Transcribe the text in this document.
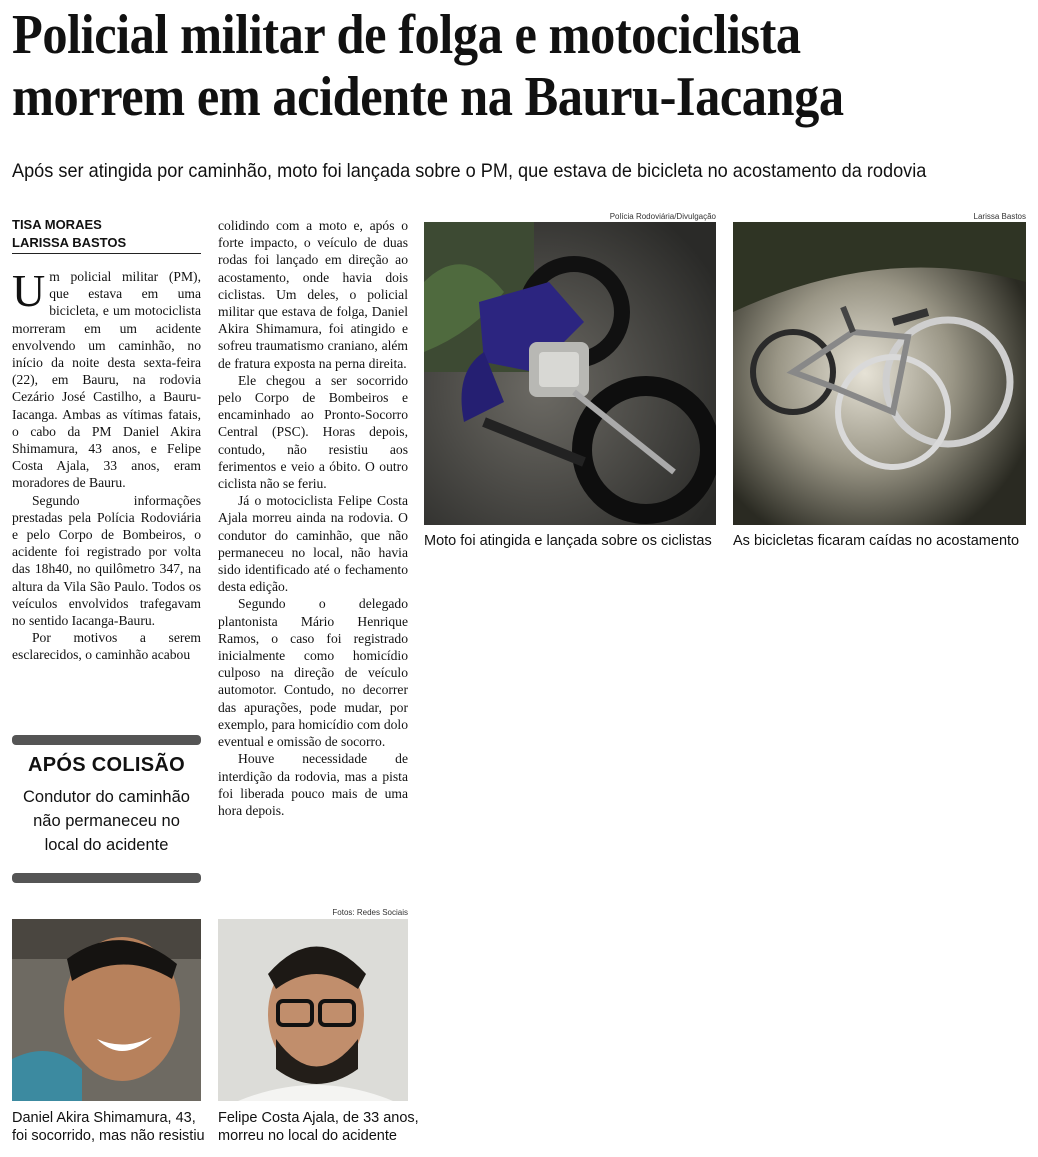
Policial militar de folga e motociclista
morrem em acidente na Bauru-Iacanga
Após ser atingida por caminhão, moto foi lançada sobre o PM, que estava de bicicleta no acostamento da rodovia
TISA MORAES
LARISSA BASTOS

Um policial militar (PM), que estava em uma bicicleta, e um motociclista morreram em um acidente envolvendo um caminhão, no início da noite desta sexta-feira (22), em Bauru, na rodovia Cezário José Castilho, a Bauru-Iacanga. Ambas as vítimas fatais, o cabo da PM Daniel Akira Shimamura, 43 anos, e Felipe Costa Ajala, 33 anos, eram moradores de Bauru.

Segundo informações prestadas pela Polícia Rodoviária e pelo Corpo de Bombeiros, o acidente foi registrado por volta das 18h40, no quilômetro 347, na altura da Vila São Paulo. Todos os veículos envolvidos trafegavam no sentido Iacanga-Bauru.

Por motivos a serem esclarecidos, o caminhão acabou

APÓS COLISÃO

Condutor do caminhão

não permaneceu no

local do acidente

colidindo com a moto e, após o forte impacto, o veículo de duas rodas foi lançado em direção ao acostamento, onde havia dois ciclistas. Um deles, o policial militar que estava de folga, Daniel Akira Shimamura, foi atingido e sofreu traumatismo craniano, além de fratura exposta na perna direita.

Ele chegou a ser socorrido pelo Corpo de Bombeiros e encaminhado ao Pronto-Socorro Central (PSC). Horas depois, contudo, não resistiu aos ferimentos e veio a óbito. O outro ciclista não se feriu.

Já o motociclista Felipe Costa Ajala morreu ainda na rodovia. O condutor do caminhão, que não permaneceu no local, não havia sido identificado até o fechamento desta edição.

Segundo o delegado plantonista Mário Henrique Ramos, o caso foi registrado inicialmente como homicídio culposo na direção de veículo automotor. Contudo, no decorrer das apurações, pode mudar, por exemplo, para homicídio com dolo eventual e omissão de socorro.

Houve necessidade de interdição da rodovia, mas a pista foi liberada pouco mais de uma hora depois.

Polícia Rodoviária/Divulgação
Moto foi atingida e lançada sobre os ciclistas
Larissa Bastos
As bicicletas ficaram caídas no acostamento
Fotos: Redes Sociais
Daniel Akira Shimamura, 43,
foi socorrido, mas não resistiu
Felipe Costa Ajala, de 33 anos,
morreu no local do acidente
